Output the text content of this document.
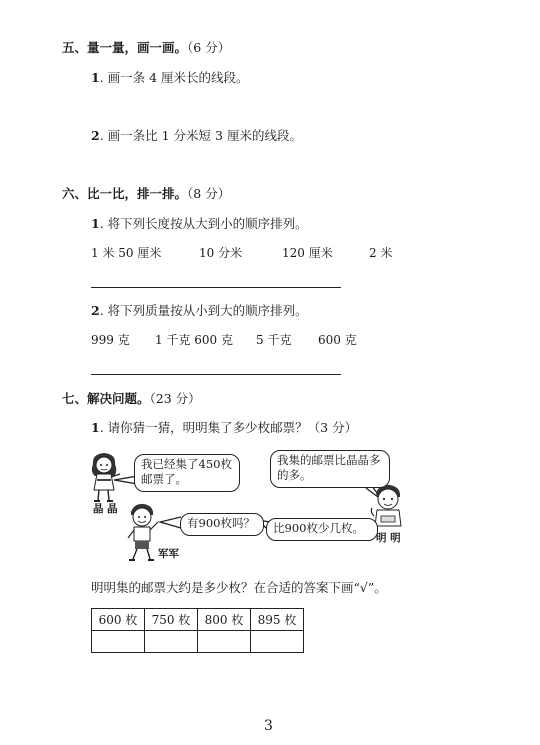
五、量一量，画一画。（6 分）
1. 画一条 4 厘米长的线段。
2. 画一条比 1 分米短 3 厘米的线段。
六、比一比，排一排。（8 分）
1. 将下列长度按从大到小的顺序排列。
1 米 50 厘米	10 分米	120 厘米	2 米
2. 将下列质量按从小到大的顺序排列。
999 克 1 千克 600 克 5 千克 600 克
七、解决问题。（23 分）
1. 请你猜一猜，明明集了多少枚邮票？（3 分）
晶 晶
我已经集了450枚邮票了。
军军
有900枚吗？
明 明
我集的邮票比晶晶多的多。
比900枚少几枚。
明明集的邮票大约是多少枚？在合适的答案下画“√”。
600 枚	750 枚	800 枚	895 枚

3
